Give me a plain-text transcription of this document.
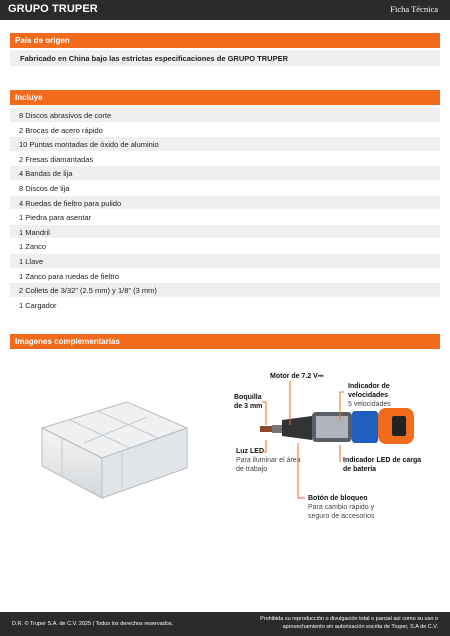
GRUPO TRUPER	Ficha Técnica
País de origen
Fabricado en China bajo las estrictas especificaciones de GRUPO TRUPER
Incluye
8 Discos abrasivos de corte
2 Brocas de acero rápido
10 Puntas montadas de óxido de aluminio
2 Fresas diamantadas
4 Bandas de lija
8 Discos de lija
4 Ruedas de fieltro para pulido
1 Piedra para asentar
1 Mandril
1 Zanco
1 Llave
1 Zanco para ruedas de fieltro
2 Collets de 3/32" (2.5 mm) y 1/8" (3 mm)
1 Cargador
Imagenes complementarias
Motor de 7.2 V⎓
Indicador de velocidades
5 velocidades
Boquilla de 3 mm
Luz LED
Para iluminar el área de trabajo
Indicador LED de carga de batería
Botón de bloqueo
Para cambio rápido y seguro de accesorios
D.R. © Truper S.A. de C.V. 2025 | Todos los derechos reservados.
Prohibida su reproducción o divulgación total o parcial así como su uso o aprovechamiento sin autorización escrita de Truper, S.A de C.V.
